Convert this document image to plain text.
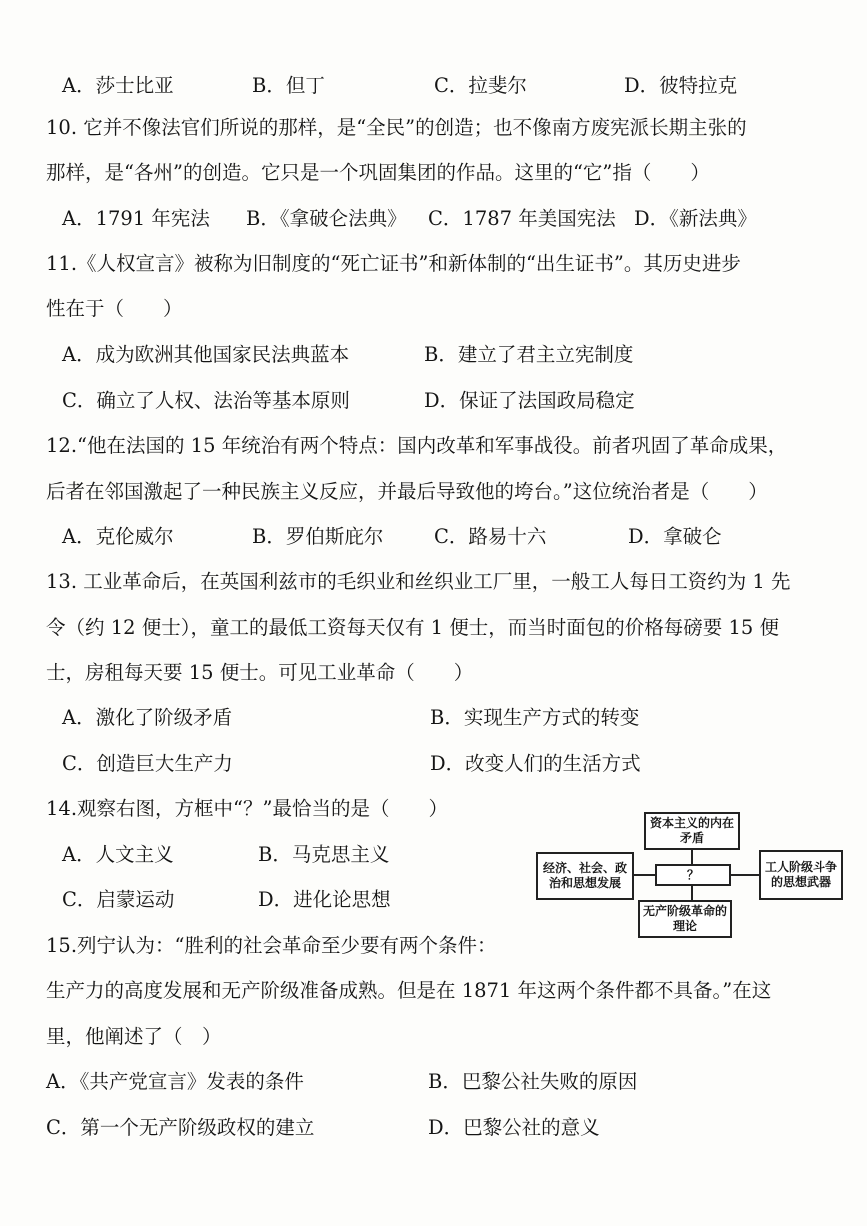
A．莎士比亚	B．但丁	C．拉斐尔	D．彼特拉克
10. 它并不像法官们所说的那样，是“全民”的创造；也不像南方废宪派长期主张的
那样，是“各州”的创造。它只是一个巩固集团的作品。这里的“它”指（　　）
A．1791 年宪法 B．《拿破仑法典》 C．1787 年美国宪法 D．《新法典》
11.《人权宣言》被称为旧制度的“死亡证书”和新体制的“出生证书”。其历史进步
性在于（　　）
A．成为欧洲其他国家民法典蓝本	B．建立了君主立宪制度
C．确立了人权、法治等基本原则	D．保证了法国政局稳定
12.“他在法国的 15 年统治有两个特点：国内改革和军事战役。前者巩固了革命成果，
后者在邻国激起了一种民族主义反应，并最后导致他的垮台。”这位统治者是（　　）
A．克伦威尔	B．罗伯斯庇尔	C．路易十六	D．拿破仑
13. 工业革命后，在英国利兹市的毛织业和丝织业工厂里，一般工人每日工资约为 1 先
令（约 12 便士），童工的最低工资每天仅有 1 便士，而当时面包的价格每磅要 15 便
士，房租每天要 15 便士。可见工业革命（　　）
A．激化了阶级矛盾	B．实现生产方式的转变
C．创造巨大生产力	D．改变人们的生活方式
14.观察右图，方框中“？”最恰当的是（　　）
A．人文主义	B．马克思主义
C．启蒙运动	D．进化论思想
资本主义的内在矛盾
经济、社会、政治和思想发展
？
工人阶级斗争的思想武器
无产阶级革命的理论
15.列宁认为：“胜利的社会革命至少要有两个条件：
生产力的高度发展和无产阶级准备成熟。但是在 1871 年这两个条件都不具备。”在这
里，他阐述了（　）
A．《共产党宣言》发表的条件	B．巴黎公社失败的原因
C．第一个无产阶级政权的建立	D．巴黎公社的意义
